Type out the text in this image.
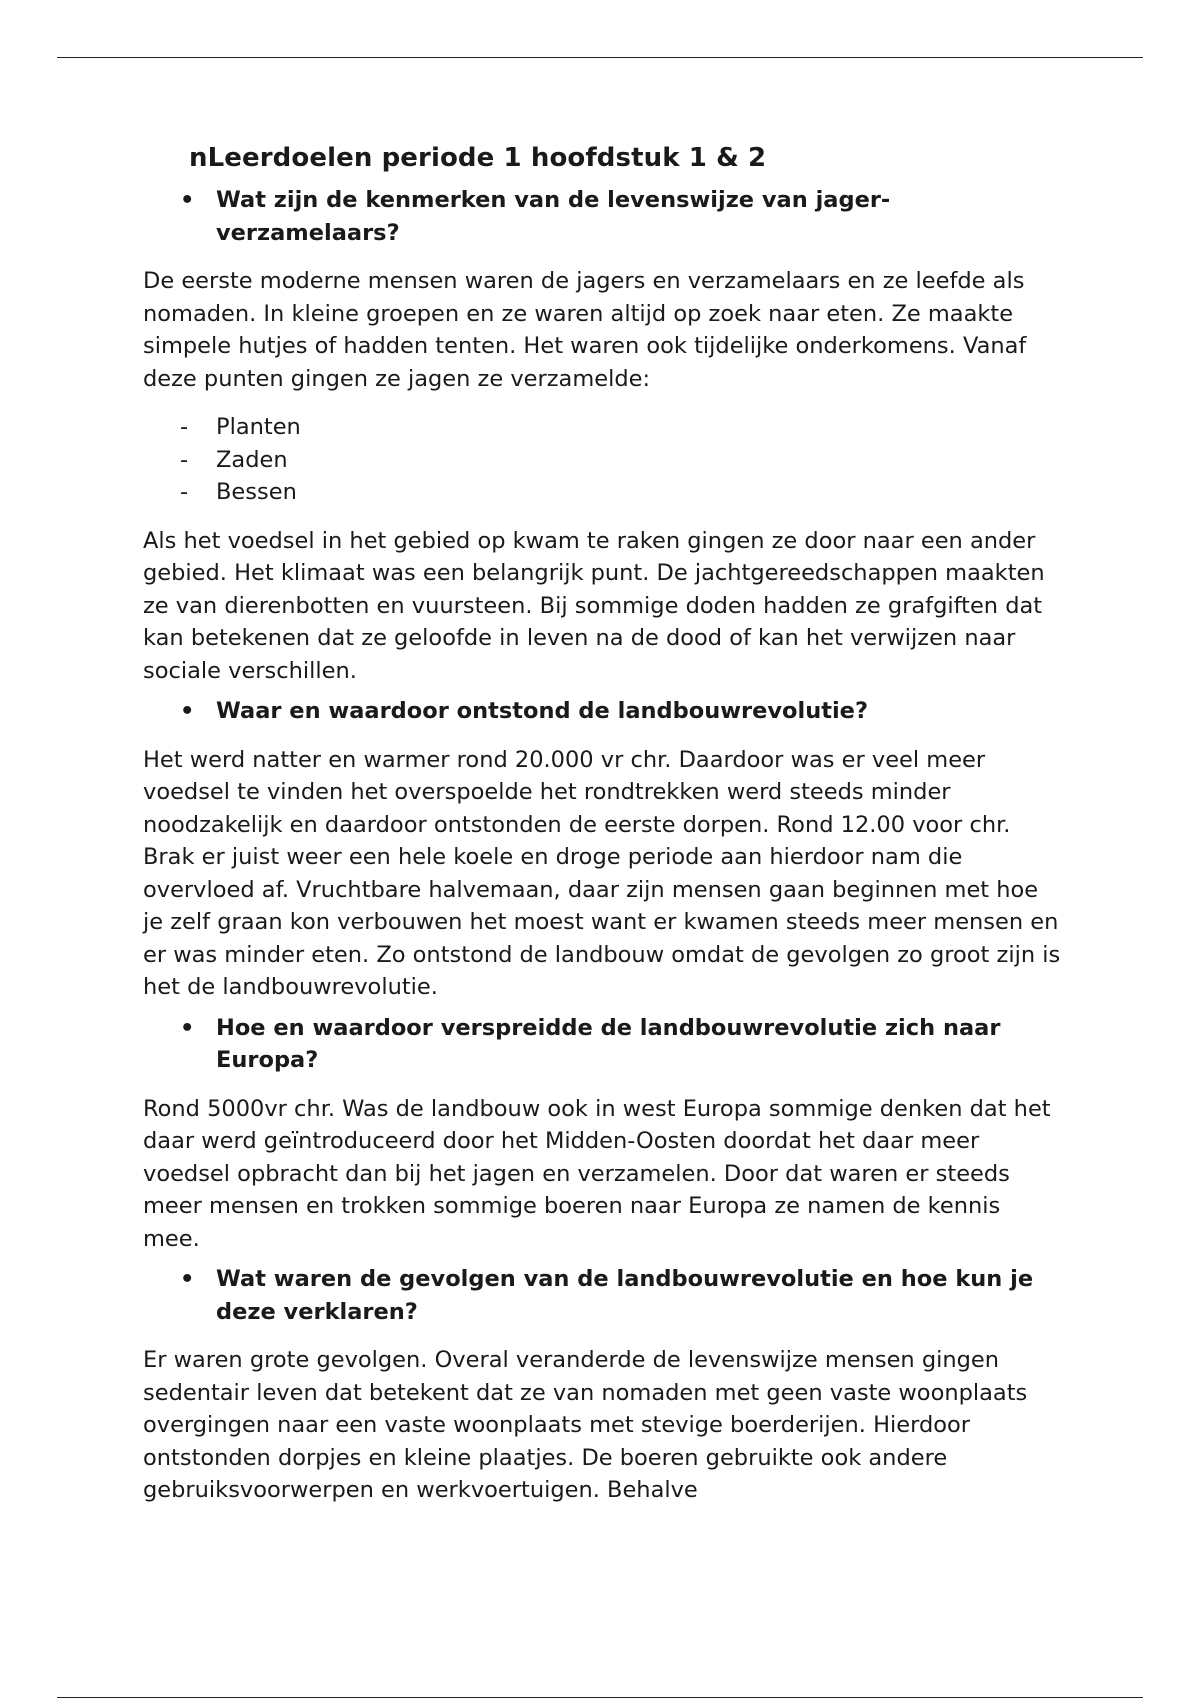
nLeerdoelen periode 1 hoofdstuk 1 & 2
• Wat zijn de kenmerken van de levenswijze van jager-verzamelaars?

De eerste moderne mensen waren de jagers en verzamelaars en ze leefde als nomaden. In kleine groepen en ze waren altijd op zoek naar eten. Ze maakte simpele hutjes of hadden tenten. Het waren ook tijdelijke onderkomens. Vanaf deze punten gingen ze jagen ze verzamelde:

- Planten
- Zaden
- Bessen

Als het voedsel in het gebied op kwam te raken gingen ze door naar een ander gebied. Het klimaat was een belangrijk punt. De jachtgereedschappen maakten ze van dierenbotten en vuursteen. Bij sommige doden hadden ze grafgiften dat kan betekenen dat ze geloofde in leven na de dood of kan het verwijzen naar sociale verschillen.

• Waar en waardoor ontstond de landbouwrevolutie?

Het werd natter en warmer rond 20.000 vr chr. Daardoor was er veel meer voedsel te vinden het overspoelde het rondtrekken werd steeds minder noodzakelijk en daardoor ontstonden de eerste dorpen. Rond 12.00 voor chr. Brak er juist weer een hele koele en droge periode aan hierdoor nam die overvloed af. Vruchtbare halvemaan, daar zijn mensen gaan beginnen met hoe je zelf graan kon verbouwen het moest want er kwamen steeds meer mensen en er was minder eten. Zo ontstond de landbouw omdat de gevolgen zo groot zijn is het de landbouwrevolutie.

• Hoe en waardoor verspreidde de landbouwrevolutie zich naar Europa?

Rond 5000vr chr. Was de landbouw ook in west Europa sommige denken dat het daar werd geïntroduceerd door het Midden-Oosten doordat het daar meer voedsel opbracht dan bij het jagen en verzamelen. Door dat waren er steeds meer mensen en trokken sommige boeren naar Europa ze namen de kennis mee.

• Wat waren de gevolgen van de landbouwrevolutie en hoe kun je deze verklaren?

Er waren grote gevolgen. Overal veranderde de levenswijze mensen gingen sedentair leven dat betekent dat ze van nomaden met geen vaste woonplaats overgingen naar een vaste woonplaats met stevige boerderijen. Hierdoor ontstonden dorpjes en kleine plaatjes. De boeren gebruikte ook andere gebruiksvoorwerpen en werkvoertuigen. Behalve
